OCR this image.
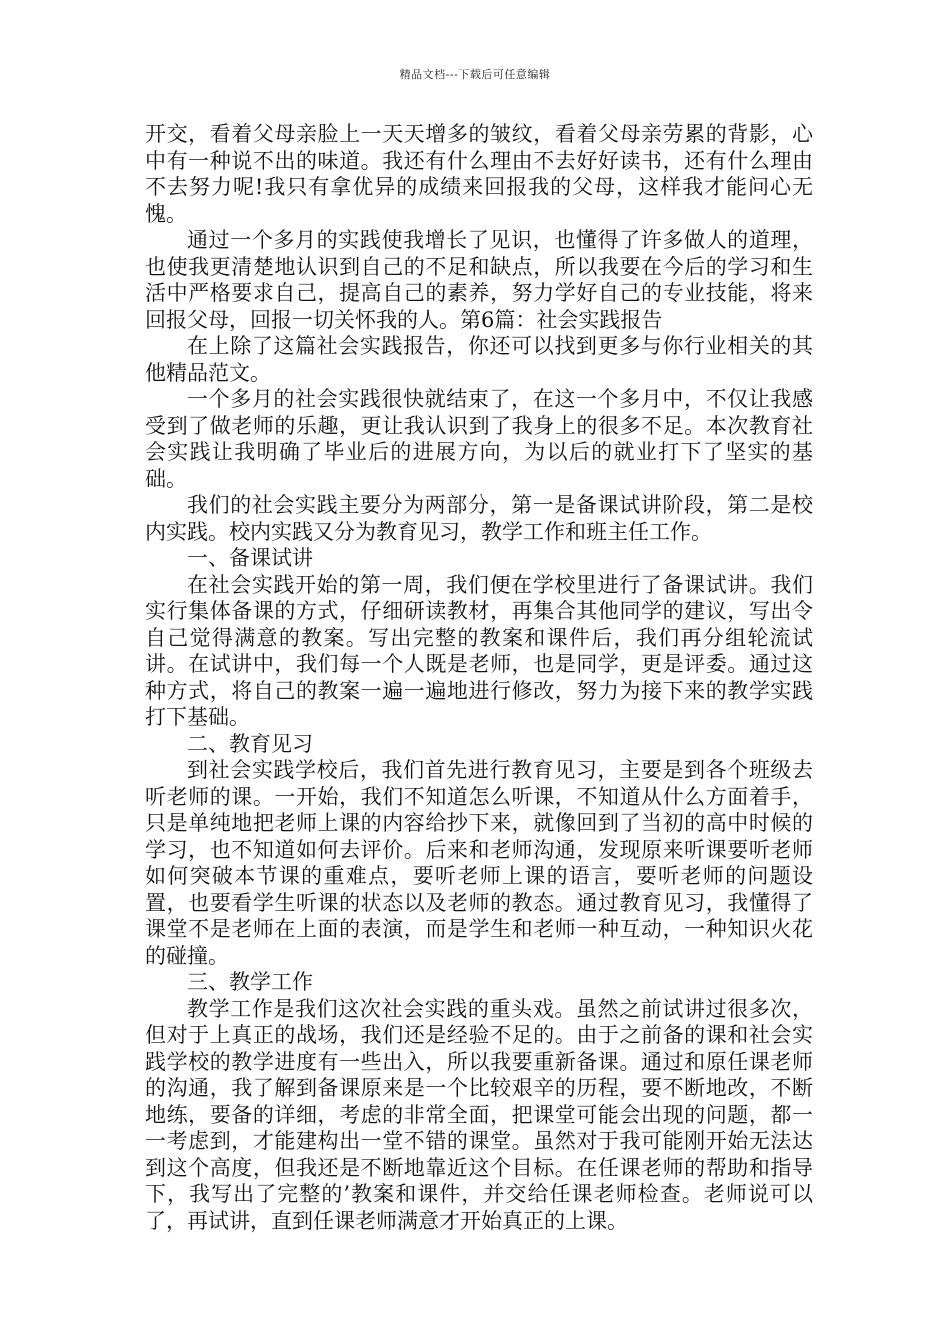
精品文档---下载后可任意编辑

开交，看着父母亲脸上一天天增多的皱纹，看着父母亲劳累的背影，心中有一种说不出的味道。我还有什么理由不去好好读书，还有什么理由不去努力呢!我只有拿优异的成绩来回报我的父母，这样我才能问心无愧。

通过一个多月的实践使我增长了见识，也懂得了许多做人的道理，也使我更清楚地认识到自己的不足和缺点，所以我要在今后的学习和生活中严格要求自己，提高自己的素养，努力学好自己的专业技能，将来回报父母，回报一切关怀我的人。第6篇：社会实践报告

在上除了这篇社会实践报告，你还可以找到更多与你行业相关的其他精品范文。

一个多月的社会实践很快就结束了，在这一个多月中，不仅让我感受到了做老师的乐趣，更让我认识到了我身上的很多不足。本次教育社会实践让我明确了毕业后的进展方向，为以后的就业打下了坚实的基础。

我们的社会实践主要分为两部分，第一是备课试讲阶段，第二是校内实践。校内实践又分为教育见习，教学工作和班主任工作。

一、备课试讲

在社会实践开始的第一周，我们便在学校里进行了备课试讲。我们实行集体备课的方式，仔细研读教材，再集合其他同学的建议，写出令自己觉得满意的教案。写出完整的教案和课件后，我们再分组轮流试讲。在试讲中，我们每一个人既是老师，也是同学，更是评委。通过这种方式，将自己的教案一遍一遍地进行修改，努力为接下来的教学实践打下基础。

二、教育见习

到社会实践学校后，我们首先进行教育见习，主要是到各个班级去听老师的课。一开始，我们不知道怎么听课，不知道从什么方面着手，只是单纯地把老师上课的内容给抄下来，就像回到了当初的高中时候的学习，也不知道如何去评价。后来和老师沟通，发现原来听课要听老师如何突破本节课的重难点，要听老师上课的语言，要听老师的问题设置，也要看学生听课的状态以及老师的教态。通过教育见习，我懂得了课堂不是老师在上面的表演，而是学生和老师一种互动，一种知识火花的碰撞。

三、教学工作

教学工作是我们这次社会实践的重头戏。虽然之前试讲过很多次，但对于上真正的战场，我们还是经验不足的。由于之前备的课和社会实践学校的教学进度有一些出入，所以我要重新备课。通过和原任课老师的沟通，我了解到备课原来是一个比较艰辛的历程，要不断地改，不断地练，要备的详细，考虑的非常全面，把课堂可能会出现的问题，都一一考虑到，才能建构出一堂不错的课堂。虽然对于我可能刚开始无法达到这个高度，但我还是不断地靠近这个目标。在任课老师的帮助和指导下，我写出了完整的’教案和课件，并交给任课老师检查。老师说可以了，再试讲，直到任课老师满意才开始真正的上课。
